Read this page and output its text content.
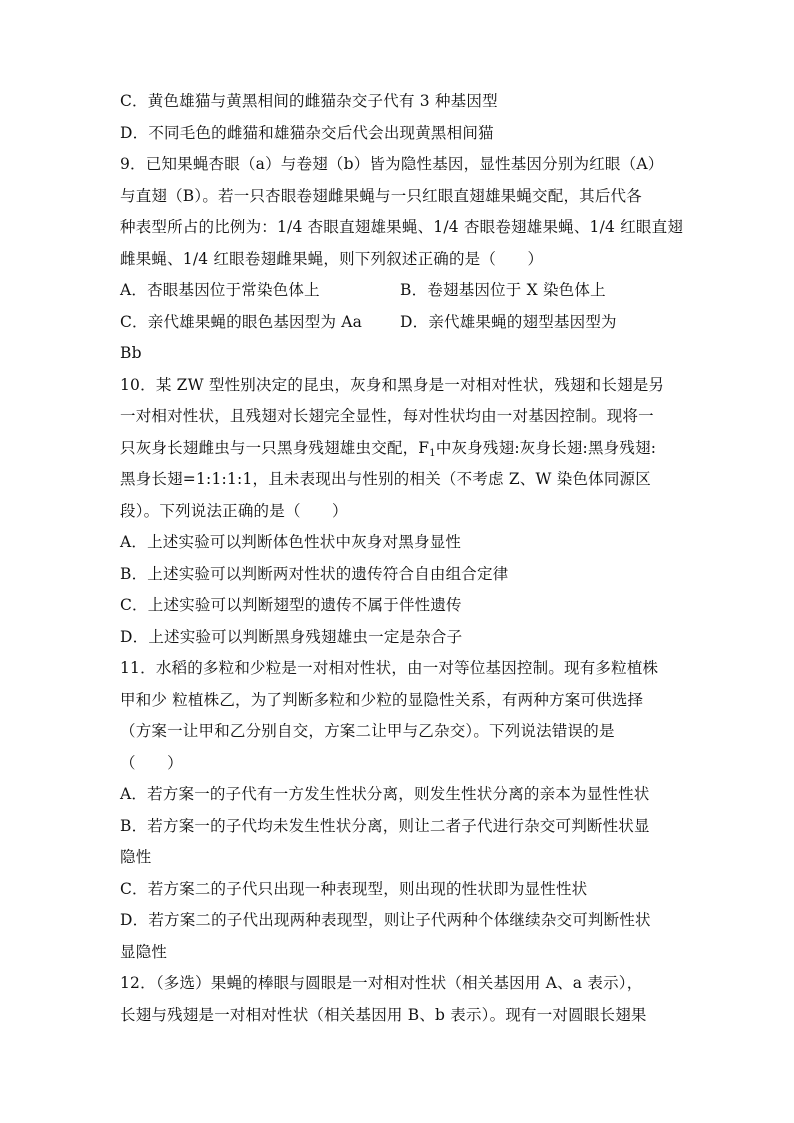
C．黄色雄猫与黄黑相间的雌猫杂交子代有 3 种基因型
D．不同毛色的雌猫和雄猫杂交后代会出现黄黑相间猫
9．已知果蝇杏眼（a）与卷翅（b）皆为隐性基因，显性基因分别为红眼（A）
与直翅（B）。若一只杏眼卷翅雌果蝇与一只红眼直翅雄果蝇交配，其后代各
种表型所占的比例为：1/4 杏眼直翅雄果蝇、1/4 杏眼卷翅雄果蝇、1/4 红眼直翅
雌果蝇、1/4 红眼卷翅雌果蝇，则下列叙述正确的是（　　）
A．杏眼基因位于常染色体上	B．卷翅基因位于 X 染色体上
C．亲代雄果蝇的眼色基因型为 Aa	D．亲代雄果蝇的翅型基因型为
Bb
10．某 ZW 型性别决定的昆虫，灰身和黑身是一对相对性状，残翅和长翅是另
一对相对性状，且残翅对长翅完全显性，每对性状均由一对基因控制。现将一
只灰身长翅雌虫与一只黑身残翅雄虫交配，$F_1$中灰身残翅:灰身长翅:黑身残翅:
黑身长翅=1:1:1:1，且未表现出与性别的相关（不考虑 Z、W 染色体同源区
段）。下列说法正确的是（　　）
A．上述实验可以判断体色性状中灰身对黑身显性
B．上述实验可以判断两对性状的遗传符合自由组合定律
C．上述实验可以判断翅型的遗传不属于伴性遗传
D．上述实验可以判断黑身残翅雄虫一定是杂合子
11．水稻的多粒和少粒是一对相对性状，由一对等位基因控制。现有多粒植株
甲和少 粒植株乙，为了判断多粒和少粒的显隐性关系，有两种方案可供选择
（方案一让甲和乙分别自交，方案二让甲与乙杂交）。下列说法错误的是
（　　）
A．若方案一的子代有一方发生性状分离，则发生性状分离的亲本为显性性状
B．若方案一的子代均未发生性状分离，则让二者子代进行杂交可判断性状显
隐性
C．若方案二的子代只出现一种表现型，则出现的性状即为显性性状
D．若方案二的子代出现两种表现型，则让子代两种个体继续杂交可判断性状
显隐性
12．（多选）果蝇的棒眼与圆眼是一对相对性状（相关基因用 A、a 表示），
长翅与残翅是一对相对性状（相关基因用 B、b 表示）。现有一对圆眼长翅果
